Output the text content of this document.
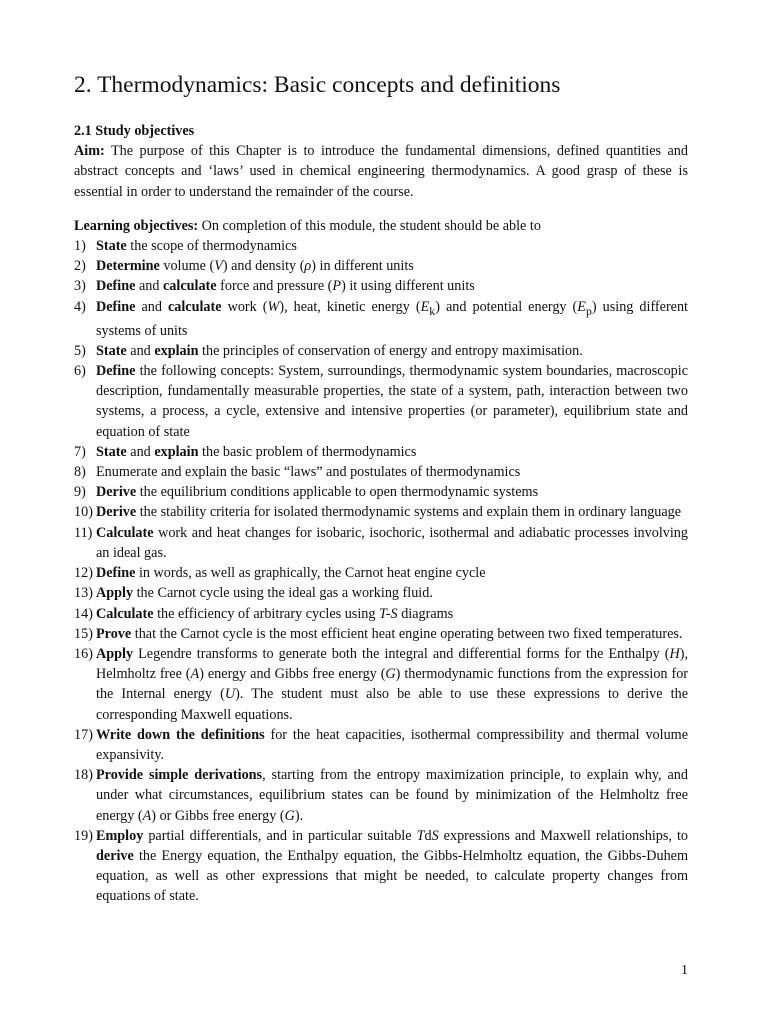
2. Thermodynamics: Basic concepts and definitions
2.1 Study objectives
Aim: The purpose of this Chapter is to introduce the fundamental dimensions, defined quantities and abstract concepts and ‘laws’ used in chemical engineering thermodynamics. A good grasp of these is essential in order to understand the remainder of the course.
Learning objectives: On completion of this module, the student should be able to
1) State the scope of thermodynamics
2) Determine volume (V) and density (ρ) in different units
3) Define and calculate force and pressure (P) it using different units
4) Define and calculate work (W), heat, kinetic energy $(E_k)$ and potential energy $(E_p)$ using different systems of units
5) State and explain the principles of conservation of energy and entropy maximisation.
6) Define the following concepts: System, surroundings, thermodynamic system boundaries, macroscopic description, fundamentally measurable properties, the state of a system, path, interaction between two systems, a process, a cycle, extensive and intensive properties (or parameter), equilibrium state and equation of state
7) State and explain the basic problem of thermodynamics
8) Enumerate and explain the basic “laws” and postulates of thermodynamics
9) Derive the equilibrium conditions applicable to open thermodynamic systems
10) Derive the stability criteria for isolated thermodynamic systems and explain them in ordinary language
11) Calculate work and heat changes for isobaric, isochoric, isothermal and adiabatic processes involving an ideal gas.
12) Define in words, as well as graphically, the Carnot heat engine cycle
13) Apply the Carnot cycle using the ideal gas a working fluid.
14) Calculate the efficiency of arbitrary cycles using T-S diagrams
15) Prove that the Carnot cycle is the most efficient heat engine operating between two fixed temperatures.
16) Apply Legendre transforms to generate both the integral and differential forms for the Enthalpy (H), Helmholtz free (A) energy and Gibbs free energy (G) thermodynamic functions from the expression for the Internal energy (U). The student must also be able to use these expressions to derive the corresponding Maxwell equations.
17) Write down the definitions for the heat capacities, isothermal compressibility and thermal volume expansivity.
18) Provide simple derivations, starting from the entropy maximization principle, to explain why, and under what circumstances, equilibrium states can be found by minimization of the Helmholtz free energy (A) or Gibbs free energy (G).
19) Employ partial differentials, and in particular suitable TdS expressions and Maxwell relationships, to derive the Energy equation, the Enthalpy equation, the Gibbs-Helmholtz equation, the Gibbs-Duhem equation, as well as other expressions that might be needed, to calculate property changes from equations of state.
1
